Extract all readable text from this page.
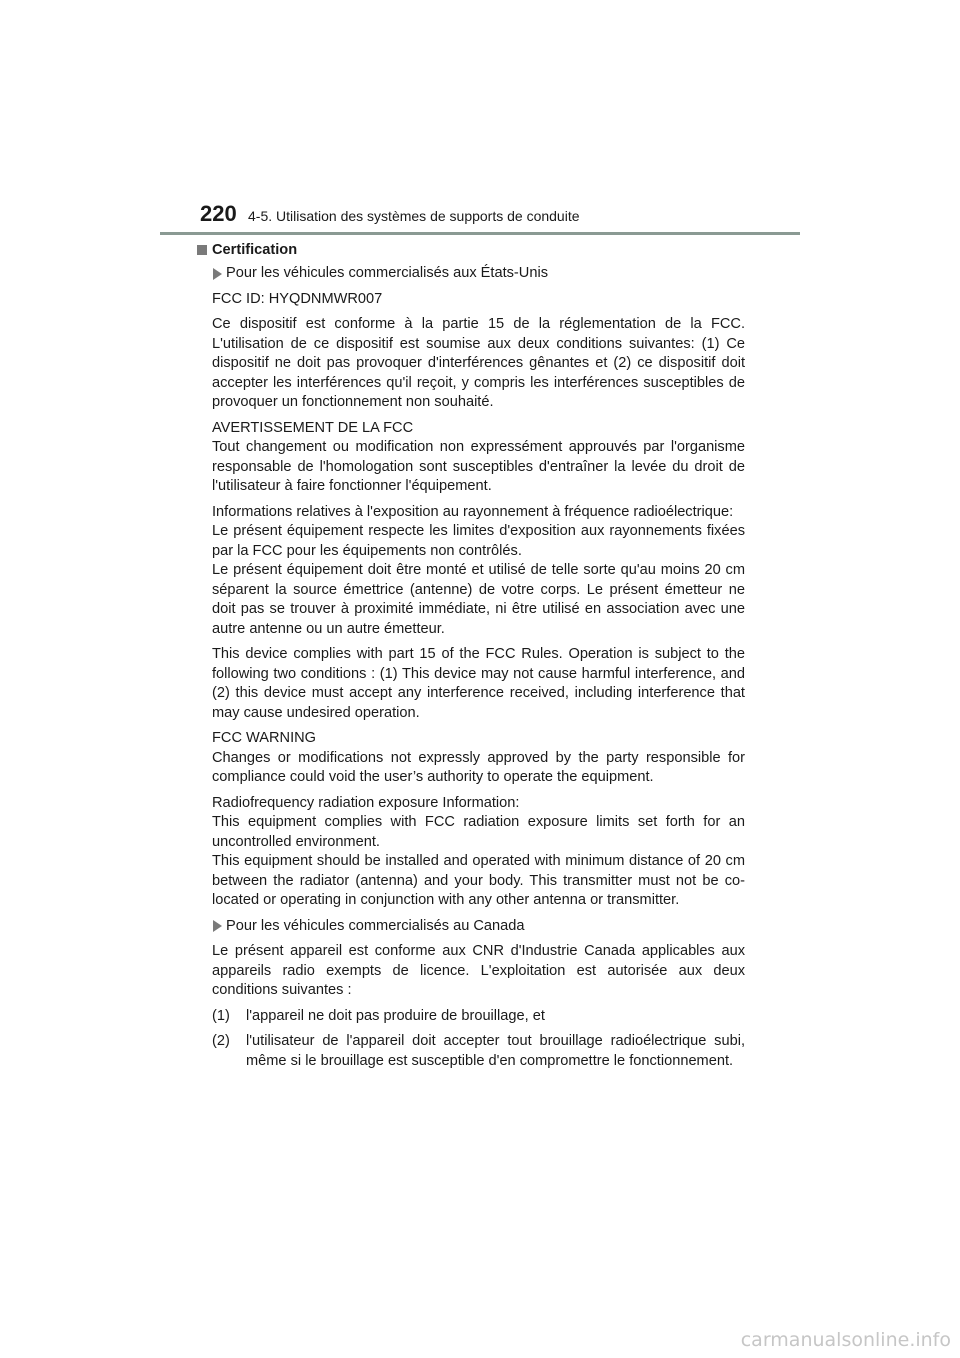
220 4-5. Utilisation des systèmes de supports de conduite
Certification
Pour les véhicules commercialisés aux États-Unis

FCC ID: HYQDNMWR007

Ce dispositif est conforme à la partie 15 de la réglementation de la FCC. L'utilisation de ce dispositif est soumise aux deux conditions suivantes: (1) Ce dispositif ne doit pas provoquer d'interférences gênantes et (2) ce dispositif doit accepter les interférences qu'il reçoit, y compris les interférences susceptibles de provoquer un fonctionnement non souhaité.

AVERTISSEMENT DE LA FCC
Tout changement ou modification non expressément approuvés par l'organisme responsable de l'homologation sont susceptibles d'entraîner la levée du droit de l'utilisateur à faire fonctionner l'équipement.
Informations relatives à l'exposition au rayonnement à fréquence radioélectrique:
Le présent équipement respecte les limites d'exposition aux rayonnements fixées par la FCC pour les équipements non contrôlés.
Le présent équipement doit être monté et utilisé de telle sorte qu'au moins 20 cm séparent la source émettrice (antenne) de votre corps. Le présent émetteur ne doit pas se trouver à proximité immédiate, ni être utilisé en association avec une autre antenne ou un autre émetteur.

This device complies with part 15 of the FCC Rules. Operation is subject to the following two conditions : (1) This device may not cause harmful interference, and (2) this device must accept any interference received, including interference that may cause undesired operation.

FCC WARNING
Changes or modifications not expressly approved by the party responsible for compliance could void the user’s authority to operate the equipment.
Radiofrequency radiation exposure Information:
This equipment complies with FCC radiation exposure limits set forth for an uncontrolled environment.
This equipment should be installed and operated with minimum distance of 20 cm between the radiator (antenna) and your body. This transmitter must not be co-located or operating in conjunction with any other antenna or transmitter.
Pour les véhicules commercialisés au Canada

Le présent appareil est conforme aux CNR d'Industrie Canada applicables aux appareils radio exempts de licence. L'exploitation est autorisée aux deux conditions suivantes :

(1)	l'appareil ne doit pas produire de brouillage, et
(2)	l'utilisateur de l'appareil doit accepter tout brouillage radioélectrique subi, même si le brouillage est susceptible d'en compromettre le fonctionnement.
carmanualsonline.info
